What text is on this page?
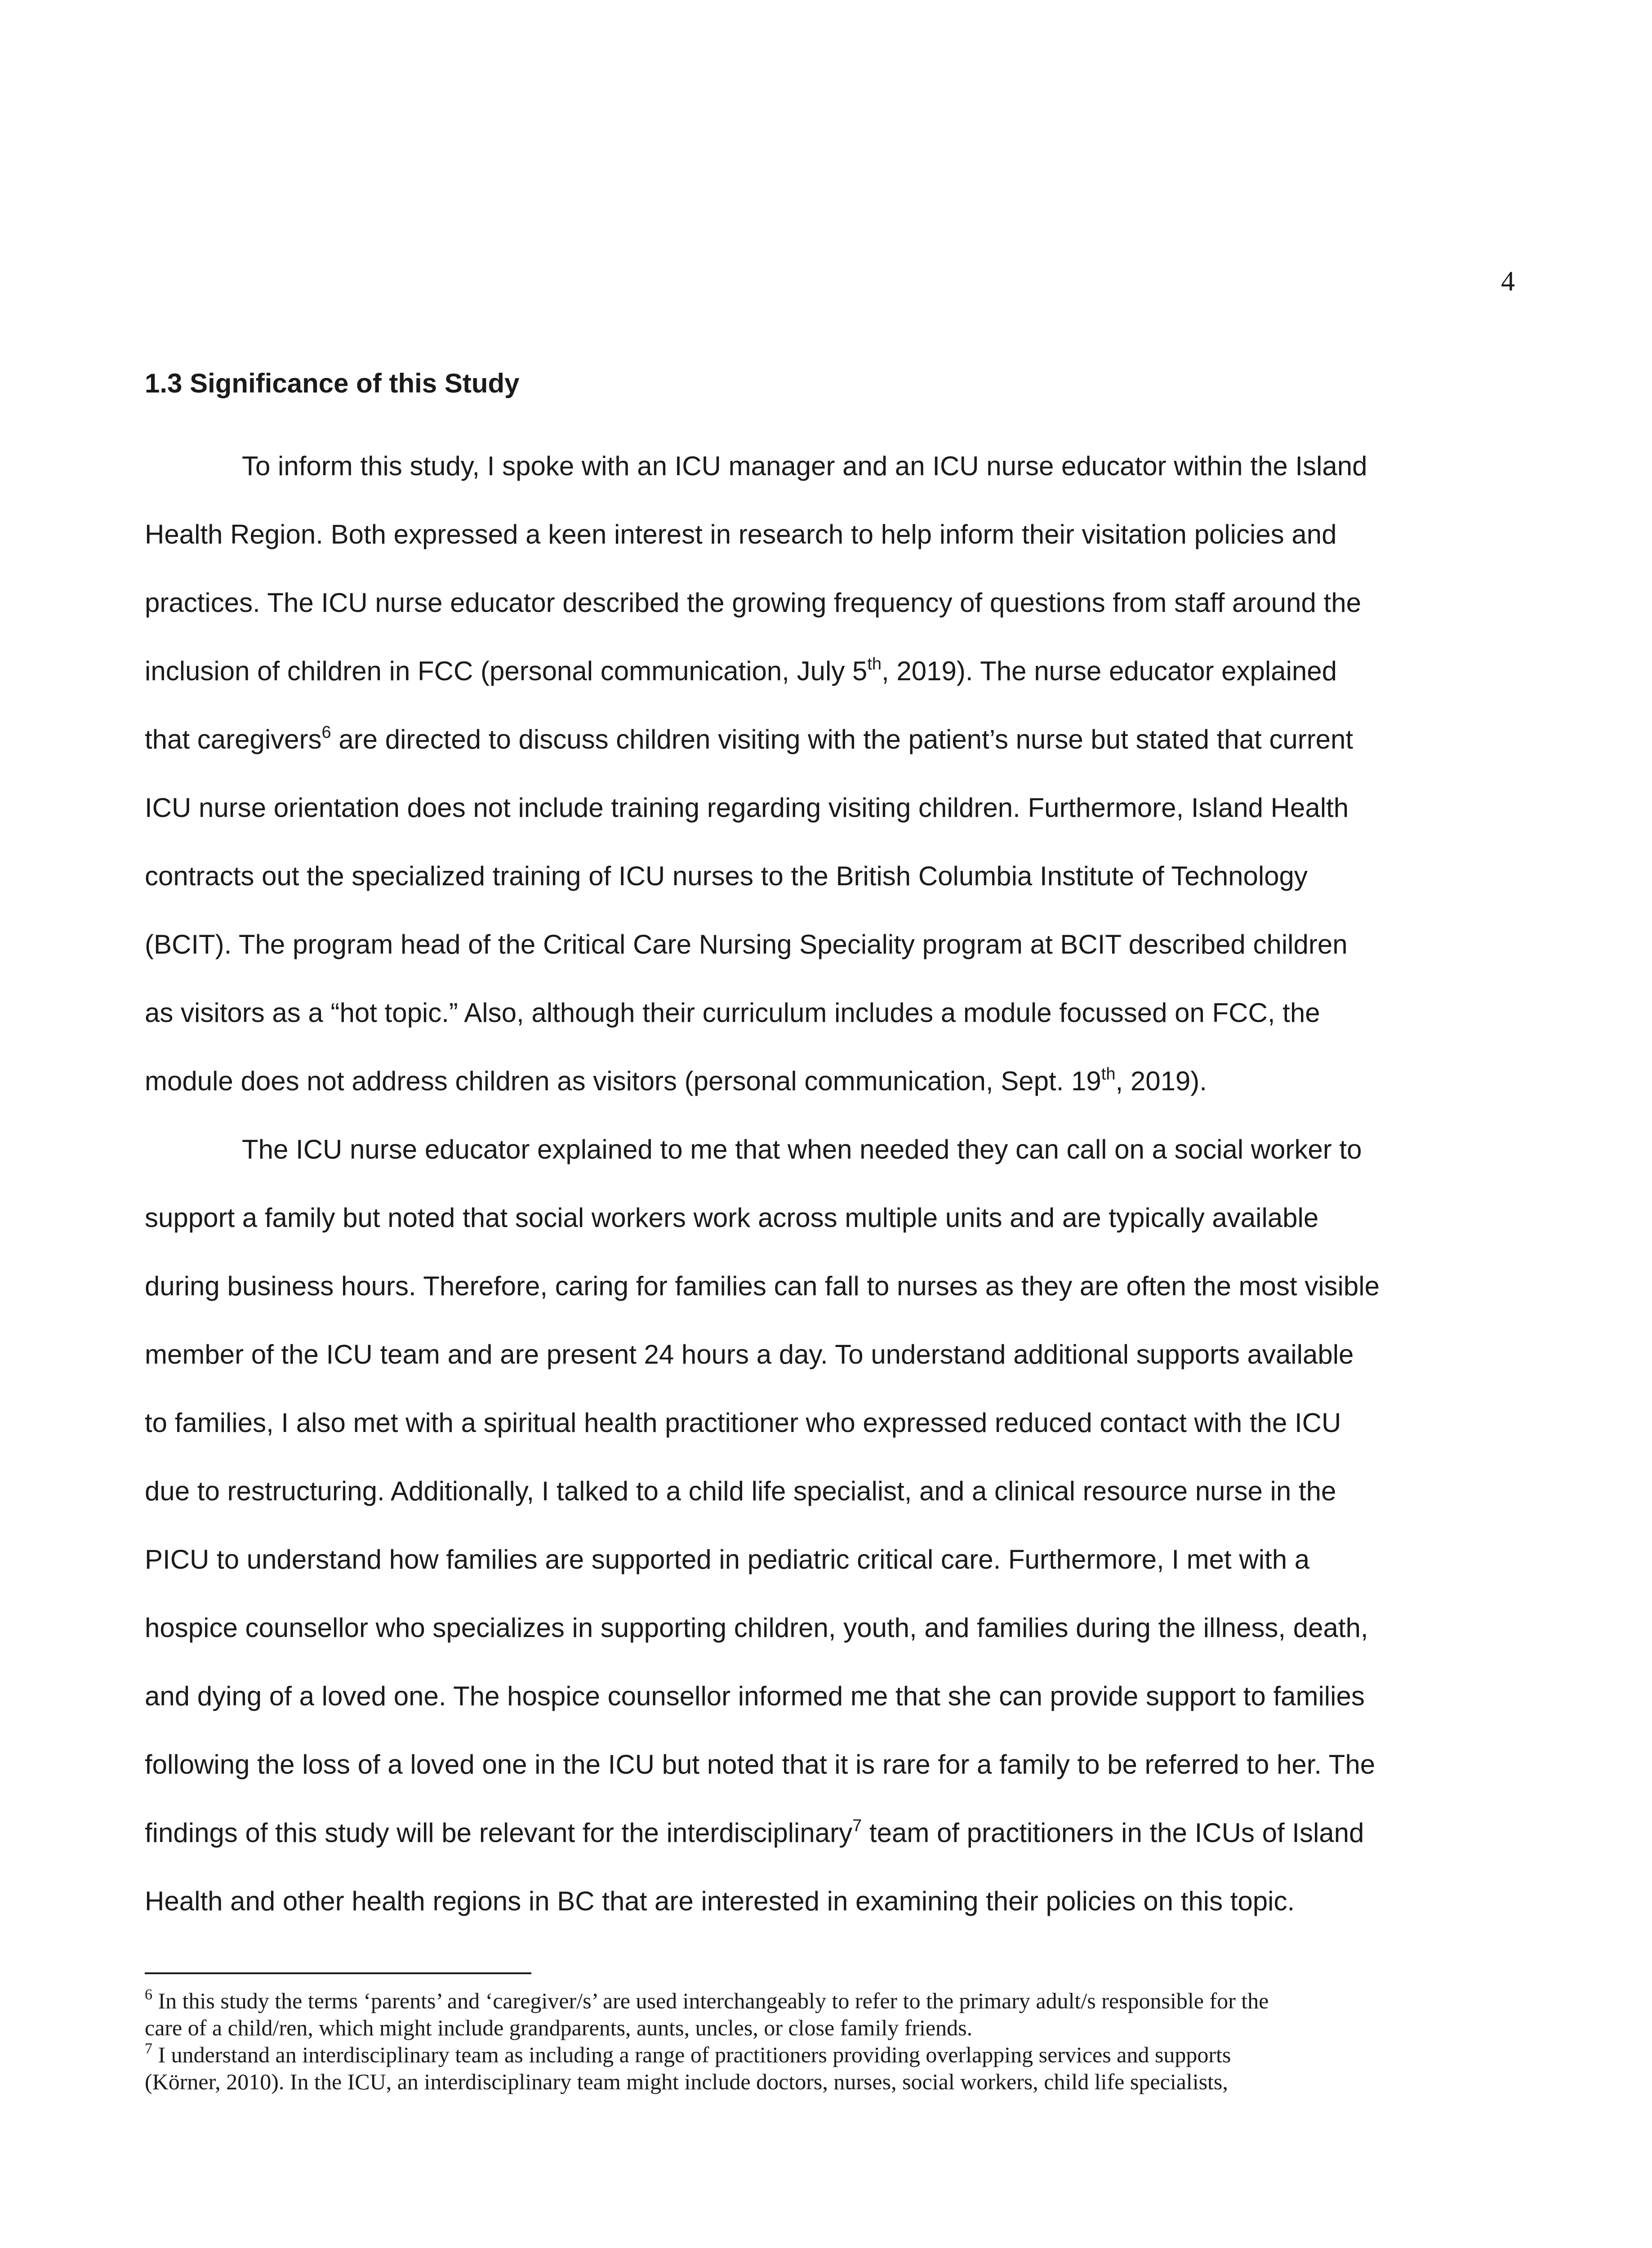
4
1.3 Significance of this Study
To inform this study, I spoke with an ICU manager and an ICU nurse educator within the Island
Health Region. Both expressed a keen interest in research to help inform their visitation policies and
practices. The ICU nurse educator described the growing frequency of questions from staff around the
inclusion of children in FCC (personal communication, July 5th, 2019). The nurse educator explained
that caregivers$^6$ are directed to discuss children visiting with the patient’s nurse but stated that current
ICU nurse orientation does not include training regarding visiting children. Furthermore, Island Health
contracts out the specialized training of ICU nurses to the British Columbia Institute of Technology
(BCIT). The program head of the Critical Care Nursing Speciality program at BCIT described children
as visitors as a “hot topic.” Also, although their curriculum includes a module focussed on FCC, the
module does not address children as visitors (personal communication, Sept. 19th, 2019).
The ICU nurse educator explained to me that when needed they can call on a social worker to
support a family but noted that social workers work across multiple units and are typically available
during business hours. Therefore, caring for families can fall to nurses as they are often the most visible
member of the ICU team and are present 24 hours a day. To understand additional supports available
to families, I also met with a spiritual health practitioner who expressed reduced contact with the ICU
due to restructuring. Additionally, I talked to a child life specialist, and a clinical resource nurse in the
PICU to understand how families are supported in pediatric critical care. Furthermore, I met with a
hospice counsellor who specializes in supporting children, youth, and families during the illness, death,
and dying of a loved one. The hospice counsellor informed me that she can provide support to families
following the loss of a loved one in the ICU but noted that it is rare for a family to be referred to her. The
findings of this study will be relevant for the interdisciplinary$^7$ team of practitioners in the ICUs of Island
Health and other health regions in BC that are interested in examining their policies on this topic.
$^6$ In this study the terms ‘parents’ and ‘caregiver/s’ are used interchangeably to refer to the primary adult/s responsible for the
care of a child/ren, which might include grandparents, aunts, uncles, or close family friends.
$^7$ I understand an interdisciplinary team as including a range of practitioners providing overlapping services and supports
(Körner, 2010). In the ICU, an interdisciplinary team might include doctors, nurses, social workers, child life specialists,
